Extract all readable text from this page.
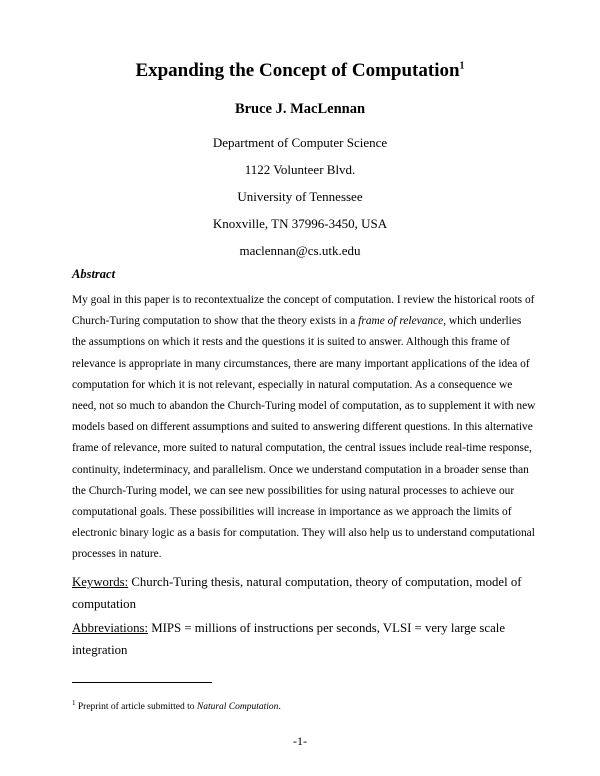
Expanding the Concept of Computation$^1$
Bruce J. MacLennan
Department of Computer Science
1122 Volunteer Blvd.
University of Tennessee
Knoxville, TN 37996-3450, USA
maclennan@cs.utk.edu
Abstract
My goal in this paper is to recontextualize the concept of computation. I review the historical roots of
Church-Turing computation to show that the theory exists in a frame of relevance, which underlies
the assumptions on which it rests and the questions it is suited to answer. Although this frame of
relevance is appropriate in many circumstances, there are many important applications of the idea of
computation for which it is not relevant, especially in natural computation. As a consequence we
need, not so much to abandon the Church-Turing model of computation, as to supplement it with new
models based on different assumptions and suited to answering different questions. In this alternative
frame of relevance, more suited to natural computation, the central issues include real-time response,
continuity, indeterminacy, and parallelism. Once we understand computation in a broader sense than
the Church-Turing model, we can see new possibilities for using natural processes to achieve our
computational goals. These possibilities will increase in importance as we approach the limits of
electronic binary logic as a basis for computation. They will also help us to understand computational
processes in nature.
Keywords: Church-Turing thesis, natural computation, theory of computation, model of
computation
Abbreviations: MIPS = millions of instructions per seconds, VLSI = very large scale
integration
$^1$ Preprint of article submitted to Natural Computation.
-1-
